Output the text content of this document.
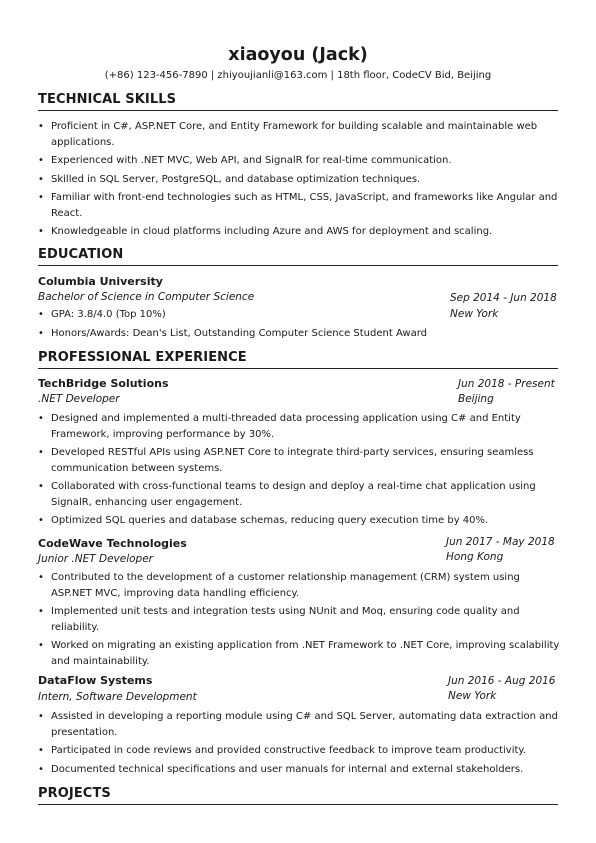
xiaoyou (Jack)
(+86) 123-456-7890 | zhiyoujianli@163.com | 18th floor, CodeCV Bid, Beijing
TECHNICAL SKILLS
• Proficient in C#, ASP.NET Core, and Entity Framework for building scalable and maintainable web applications.
• Experienced with .NET MVC, Web API, and SignalR for real-time communication.
• Skilled in SQL Server, PostgreSQL, and database optimization techniques.
• Familiar with front-end technologies such as HTML, CSS, JavaScript, and frameworks like Angular and React.
• Knowledgeable in cloud platforms including Azure and AWS for deployment and scaling.
EDUCATION
Columbia University
Bachelor of Science in Computer Science	Sep 2014 - Jun 2018
New York
• GPA: 3.8/4.0 (Top 10%)
• Honors/Awards: Dean's List, Outstanding Computer Science Student Award
PROFESSIONAL EXPERIENCE
TechBridge Solutions
.NET Developer
Jun 2018 - Present
Beijing
• Designed and implemented a multi-threaded data processing application using C# and Entity Framework, improving performance by 30%.
• Developed RESTful APIs using ASP.NET Core to integrate third-party services, ensuring seamless communication between systems.
• Collaborated with cross-functional teams to design and deploy a real-time chat application using SignalR, enhancing user engagement.
• Optimized SQL queries and database schemas, reducing query execution time by 40%.
CodeWave Technologies
Junior .NET Developer
Jun 2017 - May 2018
Hong Kong
• Contributed to the development of a customer relationship management (CRM) system using ASP.NET MVC, improving data handling efficiency.
• Implemented unit tests and integration tests using NUnit and Moq, ensuring code quality and reliability.
• Worked on migrating an existing application from .NET Framework to .NET Core, improving scalability and maintainability.
DataFlow Systems
Intern, Software Development
Jun 2016 - Aug 2016
New York
• Assisted in developing a reporting module using C# and SQL Server, automating data extraction and presentation.
• Participated in code reviews and provided constructive feedback to improve team productivity.
• Documented technical specifications and user manuals for internal and external stakeholders.
PROJECTS
